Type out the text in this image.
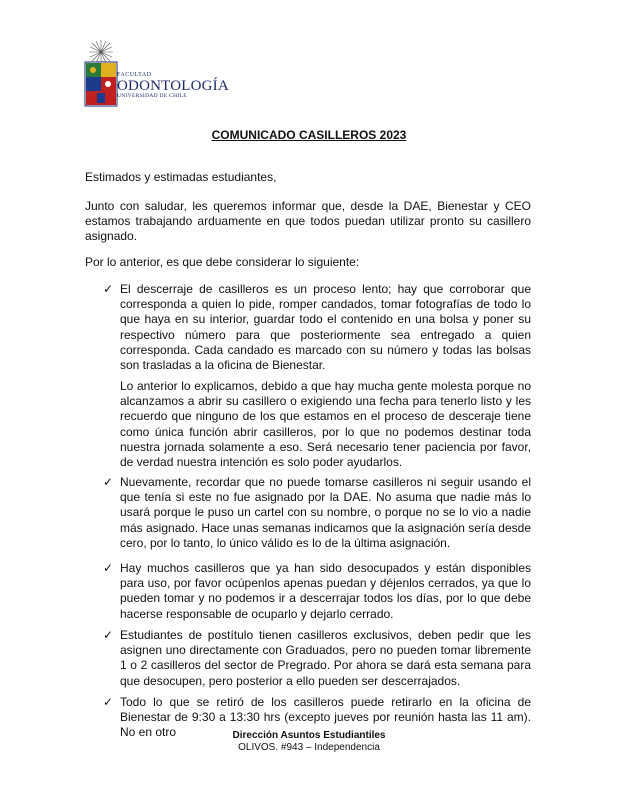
FACULTAD
ODONTOLOGÍA
UNIVERSIDAD DE CHILE
COMUNICADO CASILLEROS 2023

Estimados y estimadas estudiantes,

Junto con saludar, les queremos informar que, desde la DAE, Bienestar y CEO estamos trabajando arduamente en que todos puedan utilizar pronto su casillero asignado.

Por lo anterior, es que debe considerar lo siguiente:

✓ El descerraje de casilleros es un proceso lento; hay que corroborar que corresponda a quien lo pide, romper candados, tomar fotografías de todo lo que haya en su interior, guardar todo el contenido en una bolsa y poner su respectivo número para que posteriormente sea entregado a quien corresponda. Cada candado es marcado con su número y todas las bolsas son trasladas a la oficina de Bienestar.

Lo anterior lo explicamos, debido a que hay mucha gente molesta porque no alcanzamos a abrir su casillero o exigiendo una fecha para tenerlo listo y les recuerdo que ninguno de los que estamos en el proceso de desceraje tiene como única función abrir casilleros, por lo que no podemos destinar toda nuestra jornada solamente a eso. Será necesario tener paciencia por favor, de verdad nuestra intención es solo poder ayudarlos.

✓ Nuevamente, recordar que no puede tomarse casilleros ni seguir usando el que tenía si este no fue asignado por la DAE. No asuma que nadie más lo usará porque le puso un cartel con su nombre, o porque no se lo vio a nadie más asignado. Hace unas semanas indicamos que la asignación sería desde cero, por lo tanto, lo único válido es lo de la última asignación.

✓ Hay muchos casilleros que ya han sido desocupados y están disponibles para uso, por favor ocúpenlos apenas puedan y déjenlos cerrados, ya que lo pueden tomar y no podemos ir a descerrajar todos los días, por lo que debe hacerse responsable de ocuparlo y dejarlo cerrado.

✓ Estudiantes de postítulo tienen casilleros exclusivos, deben pedir que les asignen uno directamente con Graduados, pero no pueden tomar libremente 1 o 2 casilleros del sector de Pregrado. Por ahora se dará esta semana para que desocupen, pero posterior a ello pueden ser descerrajados.

✓ Todo lo que se retiró de los casilleros puede retirarlo en la oficina de Bienestar de 9:30 a 13:30 hrs (excepto jueves por reunión hasta las 11 am). No en otro	Dirección Asuntos Estudiantiles
OLIVOS. #943 – Independencia
